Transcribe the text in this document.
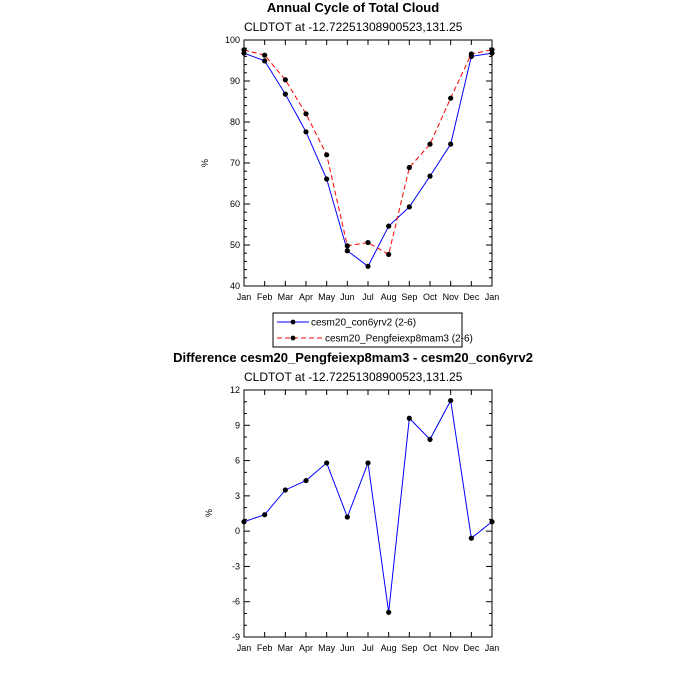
Annual Cycle of Total Cloud
CLDTOT at -12.72251308900523,131.25
%
cesm20_con6yrv2 (2-6)
cesm20_Pengfeiexp8mam3 (2-6)
Difference cesm20_Pengfeiexp8mam3 - cesm20_con6yrv2
CLDTOT at -12.72251308900523,131.25
%
Jan Feb Mar Apr May Jun Jul Aug Sep Oct Nov Dec Jan
40
50
60
70
80
90
100
Jan Feb Mar Apr May Jun Jul Aug Sep Oct Nov Dec Jan
-9
-6
-3
0
3
6
9
12
